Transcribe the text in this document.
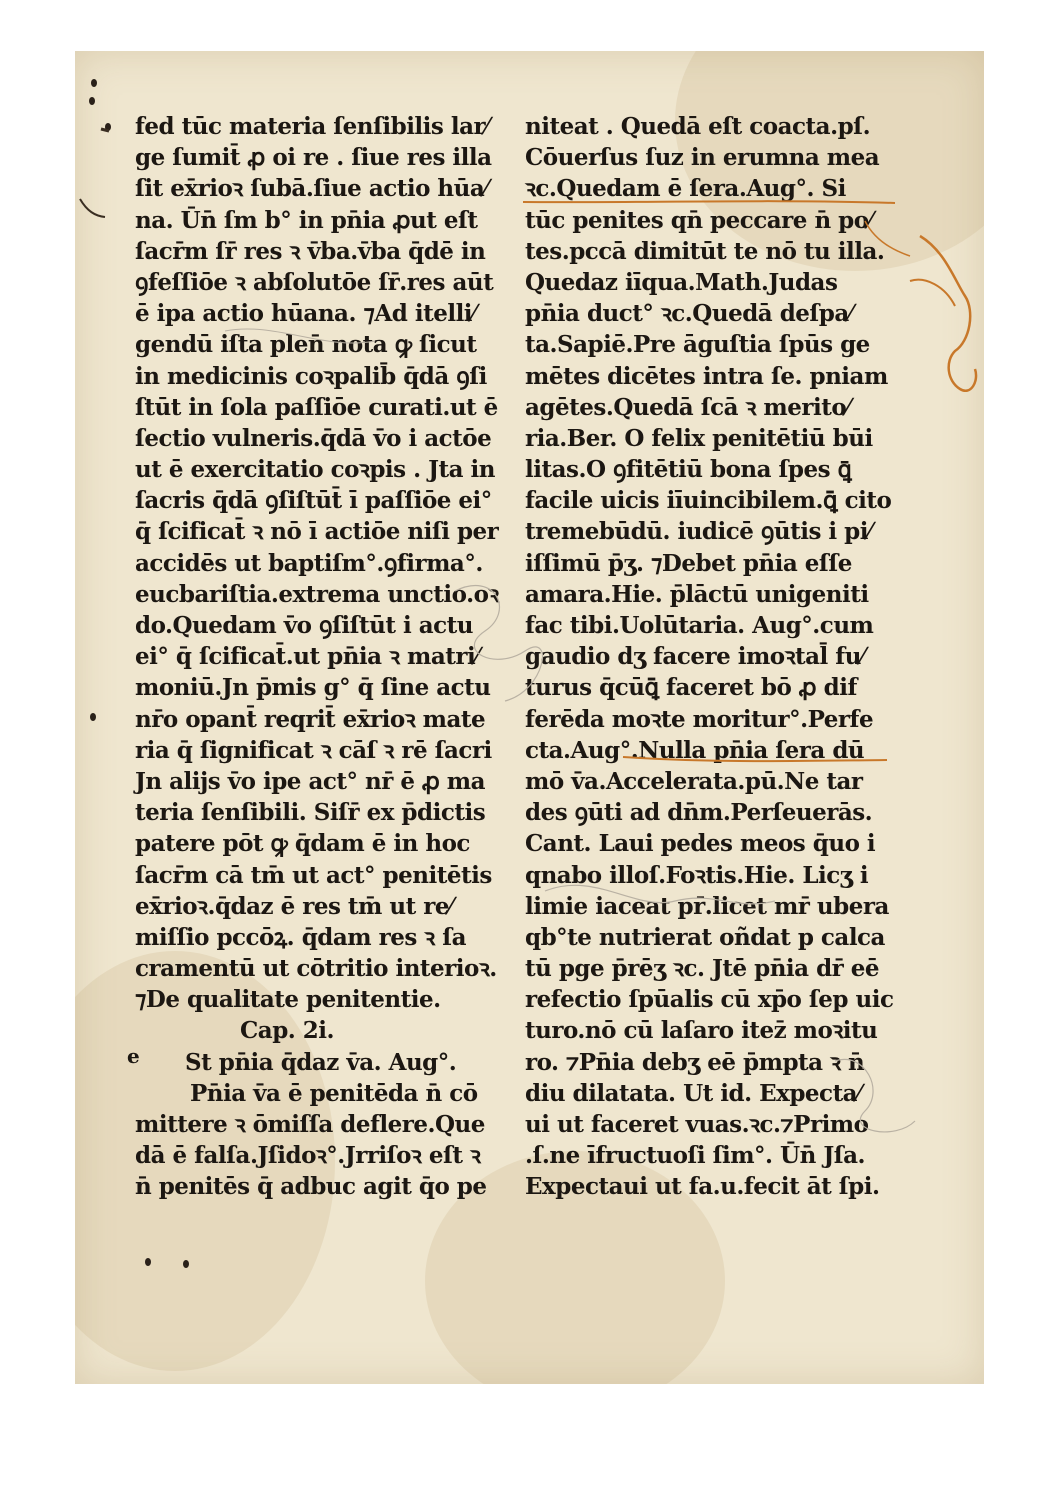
e
fed tūc materia ſenſibilis lar⁄
ge ſumit̄ ꝓ oi re . ſiue res illa
ſit ex̄rioꝛ ſubā.ſiue actio hūa⁄
na. Ūn̄ ſm b° in pn̄ia ꝓut eſt
ſacr̄m ſr̄ res ꝛ v̄ba.v̄ba q̄dē in
ꝯfeſſiōe ꝛ abſolutōe ſr̄.res aūt
ē ipa actio hūana. ⁊Ad itelli⁄
gendū iſta plen̄ nota ꝙ ſicut
in medicinis coꝛpalib̄ q̄dā ꝯſi
ſtūt in ſola paſſiōe curati.ut ē
ſectio vulneris.q̄dā v̄o i actōe
ut ē exercitatio coꝛpis . Jta in
ſacris q̄dā ꝯſiſtūt̄ ī paſſiōe ei°
q̄ ſcificat̄ ꝛ nō ī actiōe niſi per
accidēs ut baptiſm°.ꝯfirma°.
eucbariſtia.extrema unctio.oꝛ
do.Quedam v̄o ꝯſiſtūt i actu
ei° q̄ ſcificat̄.ut pn̄ia ꝛ matri⁄
moniū.Jn p̄mis g° q̄ ſine actu
nr̄o opant̄ reqrit̄ ex̄rioꝛ mate
ria q̄ ſignificat ꝛ cāſ ꝛ rē ſacri
Jn alijs v̄o ipe act° nr̄ ē ꝓ ma
teria ſenſibili. Siſr̄ ex p̄dictis
patere pōt ꝙ q̄dam ē in hoc
ſacr̄m cā tm̄ ut act° penitētis
ex̄rioꝛ.q̄daz ē res tm̄ ut re⁄
miſſio pccōꝝ. q̄dam res ꝛ ſa
cramentū ut cōtritio interioꝛ.
⁊De qualitate penitentie.
Cap. 2i.
St pn̄ia q̄daz v̄a. Aug°.
Pn̄ia v̄a ē penitēda n̄ cō
mittere ꝛ ōmiſſa deflere.Que
dā ē falſa.Jſidoꝛ°.Jrriſoꝛ eſt ꝛ
n̄ penitēs q̄ adbuc agit q̄o pe
niteat . Quedā eſt coacta.pſ.
Cōuerſus ſuz in erumna mea
ꝛc.Quedam ē ſera.Aug°. Si
tūc penites qn̄ peccare n̄ po⁄
tes.pccā dimitūt te nō tu illa.
Quedaz iīqua.Math.Judas
pn̄ia duct° ꝛc.Quedā deſpa⁄
ta.Sapiē.Pre āguſtia ſpūs ge
mētes dicētes intra ſe. pniam
agētes.Quedā ſcā ꝛ merito⁄
ria.Ber. O felix penitētiū būi
litas.O ꝯfitētiū bona ſpes ꝗ̄
facile uicis iīuincibilem.ꝗ̄ cito
tremebūdū. iudicē ꝯūtis i pi⁄
iſſimū p̄ʒ. ⁊Debet pn̄ia eſſe
amara.Hie. p̄lāctū unigeniti
fac tibi.Uolūtaria. Aug°.cum
gaudio dʒ facere imoꝛtal̄ fu⁄
turus q̄cūꝗ̄ faceret bō ꝓ dif
ferēda moꝛte moritur°.Perfe
cta.Aug°.Nulla pn̄ia ſera dū
mō v̄a.Accelerata.pū.Ne tar
des ꝯūti ad dn̄m.Perſeuerās.
Cant. Laui pedes meos q̄uo i
qnabo illoſ.Foꝛtis.Hie. Licʒ i
limie iaceat pr̄.licet mr̄ ubera
qb°te nutrierat oñdat p calca
tū pge p̄rēʒ ꝛc. Jtē pn̄ia dr̄ eē
refectio ſpūalis cū xp̄o ſep uic
turo.nō cū laſaro itez̄ moꝛitu
ro. ⁊Pn̄ia debʒ eē p̄mpta ꝛ n̄
diu dilatata. Ut id. Expecta⁄
ui ut faceret vuas.ꝛc.⁊Primo
.ſ.ne īfructuoſi ſim°. Ūn̄ Jſa.
Expectaui ut fa.u.fecit āt ſpi.
